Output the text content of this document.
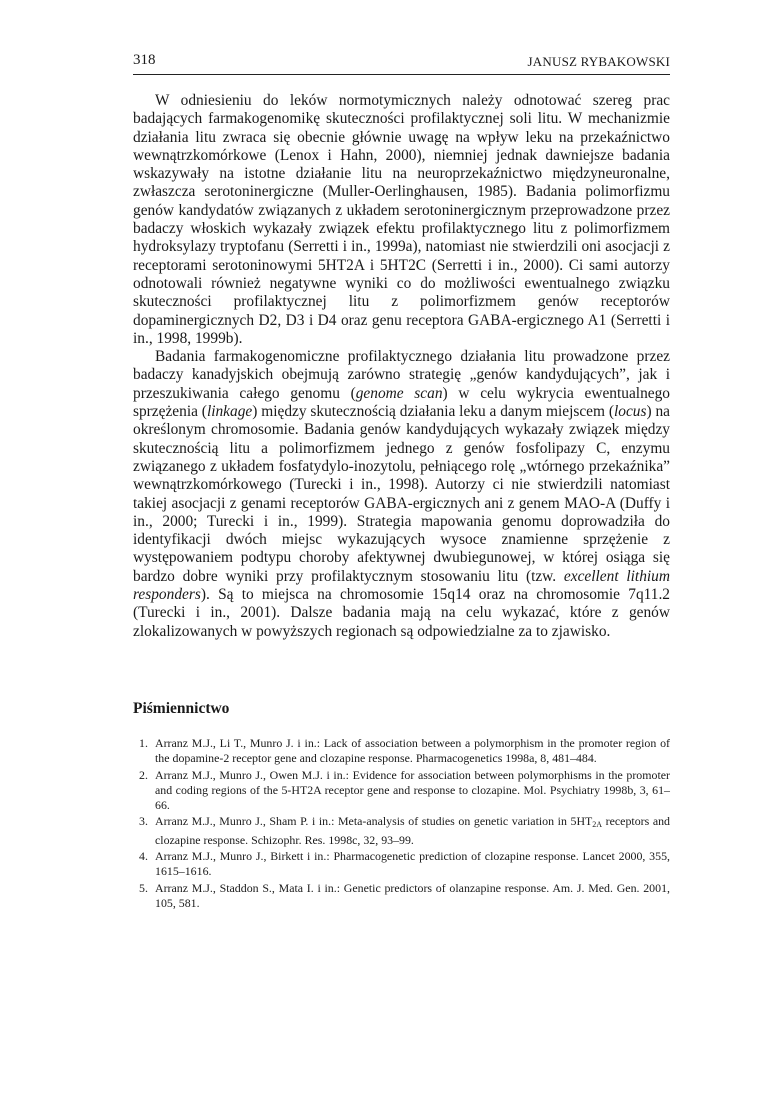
318	JANUSZ RYBAKOWSKI

W odniesieniu do leków normotymicznych należy odnotować szereg prac badających farmakogenomikę skuteczności profilaktycznej soli litu. W mechanizmie działania litu zwraca się obecnie głównie uwagę na wpływ leku na przekaźnictwo wewnątrzkomórkowe (Lenox i Hahn, 2000), niemniej jednak dawniejsze badania wskazywały na istotne działanie litu na neuroprzekaźnictwo międzyneuronalne, zwłaszcza serotoninergiczne (Muller-Oerlinghausen, 1985). Badania polimorfizmu genów kandydatów związanych z układem serotoninergicznym przeprowadzone przez badaczy włoskich wykazały związek efektu profilaktycznego litu z polimorfizmem hydroksylazy tryptofanu (Serretti i in., 1999a), natomiast nie stwierdzili oni asocjacji z receptorami serotoninowymi 5HT2A i 5HT2C (Serretti i in., 2000). Ci sami autorzy odnotowali również negatywne wyniki co do możliwości ewentualnego związku skuteczności profilaktycznej litu z polimorfizmem genów receptorów dopaminergicznych D2, D3 i D4 oraz genu receptora GABA-ergicznego A1 (Serretti i in., 1998, 1999b).

Badania farmakogenomiczne profilaktycznego działania litu prowadzone przez badaczy kanadyjskich obejmują zarówno strategię „genów kandydujących”, jak i przeszukiwania całego genomu (genome scan) w celu wykrycia ewentualnego sprzężenia (linkage) między skutecznością działania leku a danym miejscem (locus) na określonym chromosomie. Badania genów kandydujących wykazały związek między skutecznością litu a polimorfizmem jednego z genów fosfolipazy C, enzymu związanego z układem fosfatydylo-inozytolu, pełniącego rolę „wtórnego przekaźnika” wewnątrzkomórkowego (Turecki i in., 1998). Autorzy ci nie stwierdzili natomiast takiej asocjacji z genami receptorów GABA-ergicznych ani z genem MAO-A (Duffy i in., 2000; Turecki i in., 1999). Strategia mapowania genomu doprowadziła do identyfikacji dwóch miejsc wykazujących wysoce znamienne sprzężenie z występowaniem podtypu choroby afektywnej dwubiegunowej, w której osiąga się bardzo dobre wyniki przy profilaktycznym stosowaniu litu (tzw. excellent lithium responders). Są to miejsca na chromosomie 15q14 oraz na chromosomie 7q11.2 (Turecki i in., 2001). Dalsze badania mają na celu wykazać, które z genów zlokalizowanych w powyższych regionach są odpowiedzialne za to zjawisko.

Piśmiennictwo
1. Arranz M.J., Li T., Munro J. i in.: Lack of association between a polymorphism in the promoter region of the dopamine-2 receptor gene and clozapine response. Pharmacogenetics 1998a, 8, 481–484.
2. Arranz M.J., Munro J., Owen M.J. i in.: Evidence for association between polymorphisms in the promoter and coding regions of the 5-HT2A receptor gene and response to clozapine. Mol. Psychiatry 1998b, 3, 61–66.
3. Arranz M.J., Munro J., Sham P. i in.: Meta-analysis of studies on genetic variation in $5HT_{2A}$ receptors and clozapine response. Schizophr. Res. 1998c, 32, 93–99.
4. Arranz M.J., Munro J., Birkett i in.: Pharmacogenetic prediction of clozapine response. Lancet 2000, 355, 1615–1616.
5. Arranz M.J., Staddon S., Mata I. i in.: Genetic predictors of olanzapine response. Am. J. Med. Gen. 2001, 105, 581.
